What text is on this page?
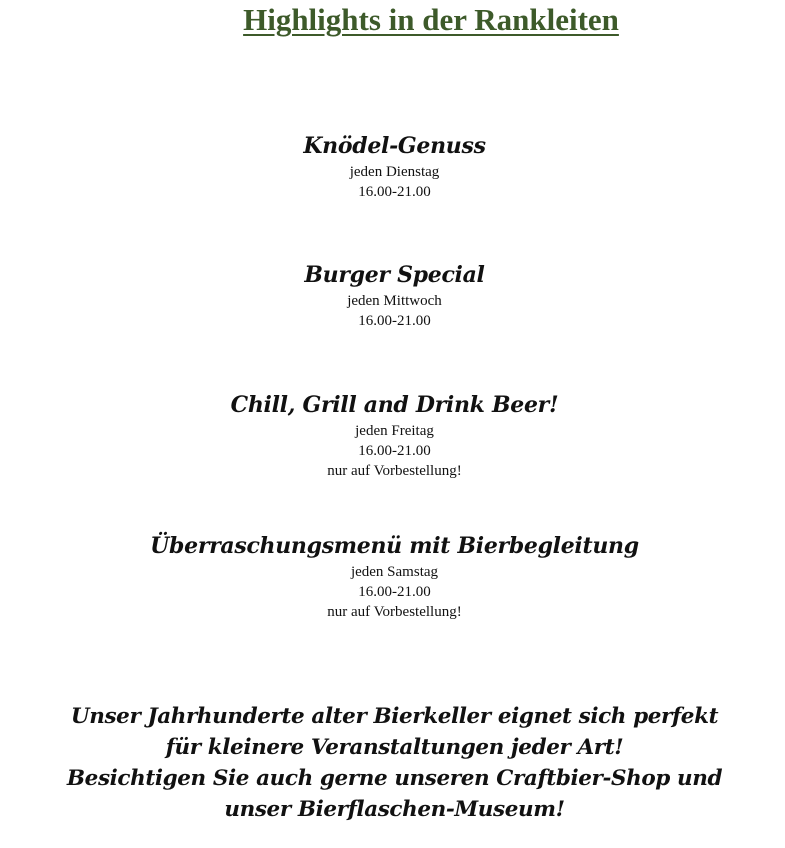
Highlights in der Rankleiten

Knödel-Genuss

jeden Dienstag

16.00-21.00

Burger Special

jeden Mittwoch

16.00-21.00

Chill, Grill and Drink Beer!

jeden Freitag

16.00-21.00

nur auf Vorbestellung!

Überraschungsmenü mit Bierbegleitung

jeden Samstag

16.00-21.00

nur auf Vorbestellung!

Unser Jahrhunderte alter Bierkeller eignet sich perfekt

für kleinere Veranstaltungen jeder Art!

Besichtigen Sie auch gerne unseren Craftbier-Shop und

unser Bierflaschen-Museum!
